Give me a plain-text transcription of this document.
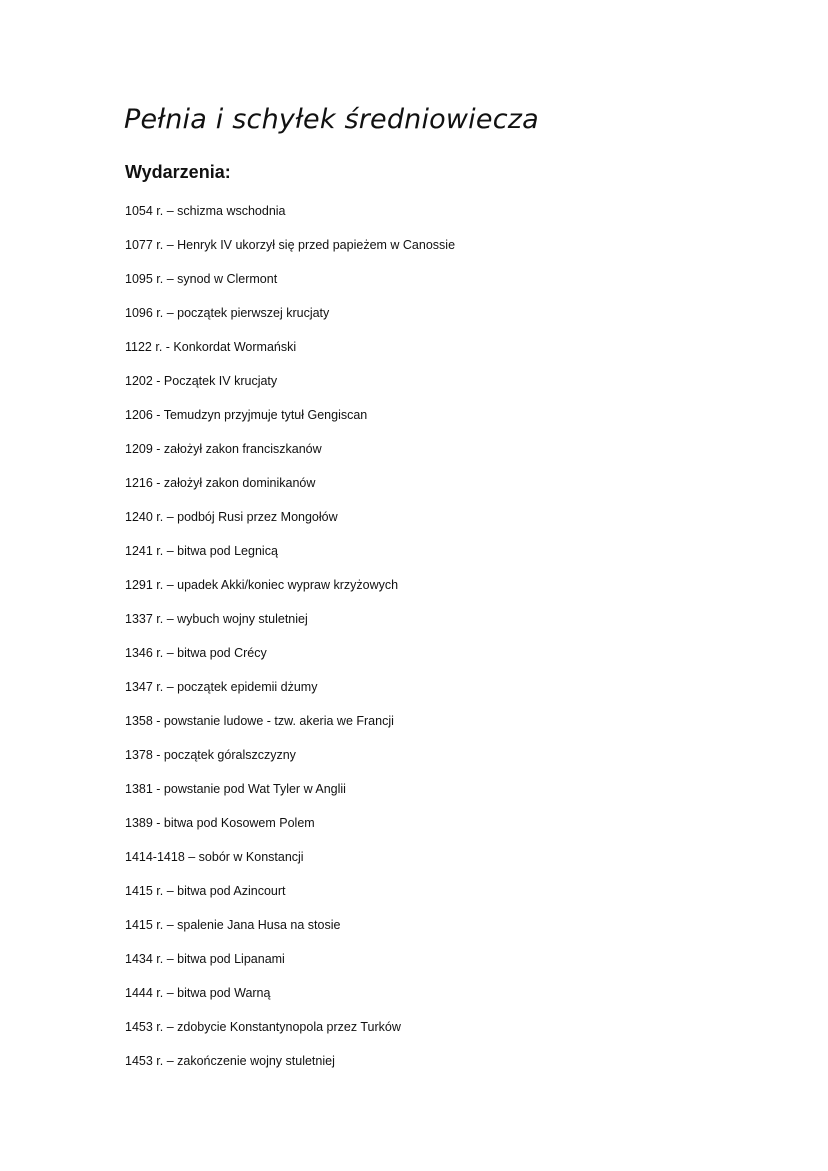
Pełnia i schyłek średniowiecza
Wydarzenia:
1054 r. – schizma wschodnia
1077 r. – Henryk IV ukorzył się przed papieżem w Canossie
1095 r. – synod w Clermont
1096 r. – początek pierwszej krucjaty
1122 r. - Konkordat Wormański
1202 - Początek IV krucjaty
1206 - Temudzyn przyjmuje tytuł Gengiscan
1209 - założył zakon franciszkanów
1216 - założył zakon dominikanów
1240 r. – podbój Rusi przez Mongołów
1241 r. – bitwa pod Legnicą
1291 r. – upadek Akki/koniec wypraw krzyżowych
1337 r. – wybuch wojny stuletniej
1346 r. – bitwa pod Crécy
1347 r. – początek epidemii dżumy
1358 - powstanie ludowe - tzw. akeria we Francji
1378 - początek góralszczyzny
1381 - powstanie pod Wat Tyler w Anglii
1389 - bitwa pod Kosowem Polem
1414-1418 – sobór w Konstancji
1415 r. – bitwa pod Azincourt
1415 r. – spalenie Jana Husa na stosie
1434 r. – bitwa pod Lipanami
1444 r. – bitwa pod Warną
1453 r. – zdobycie Konstantynopola przez Turków
1453 r. – zakończenie wojny stuletniej
